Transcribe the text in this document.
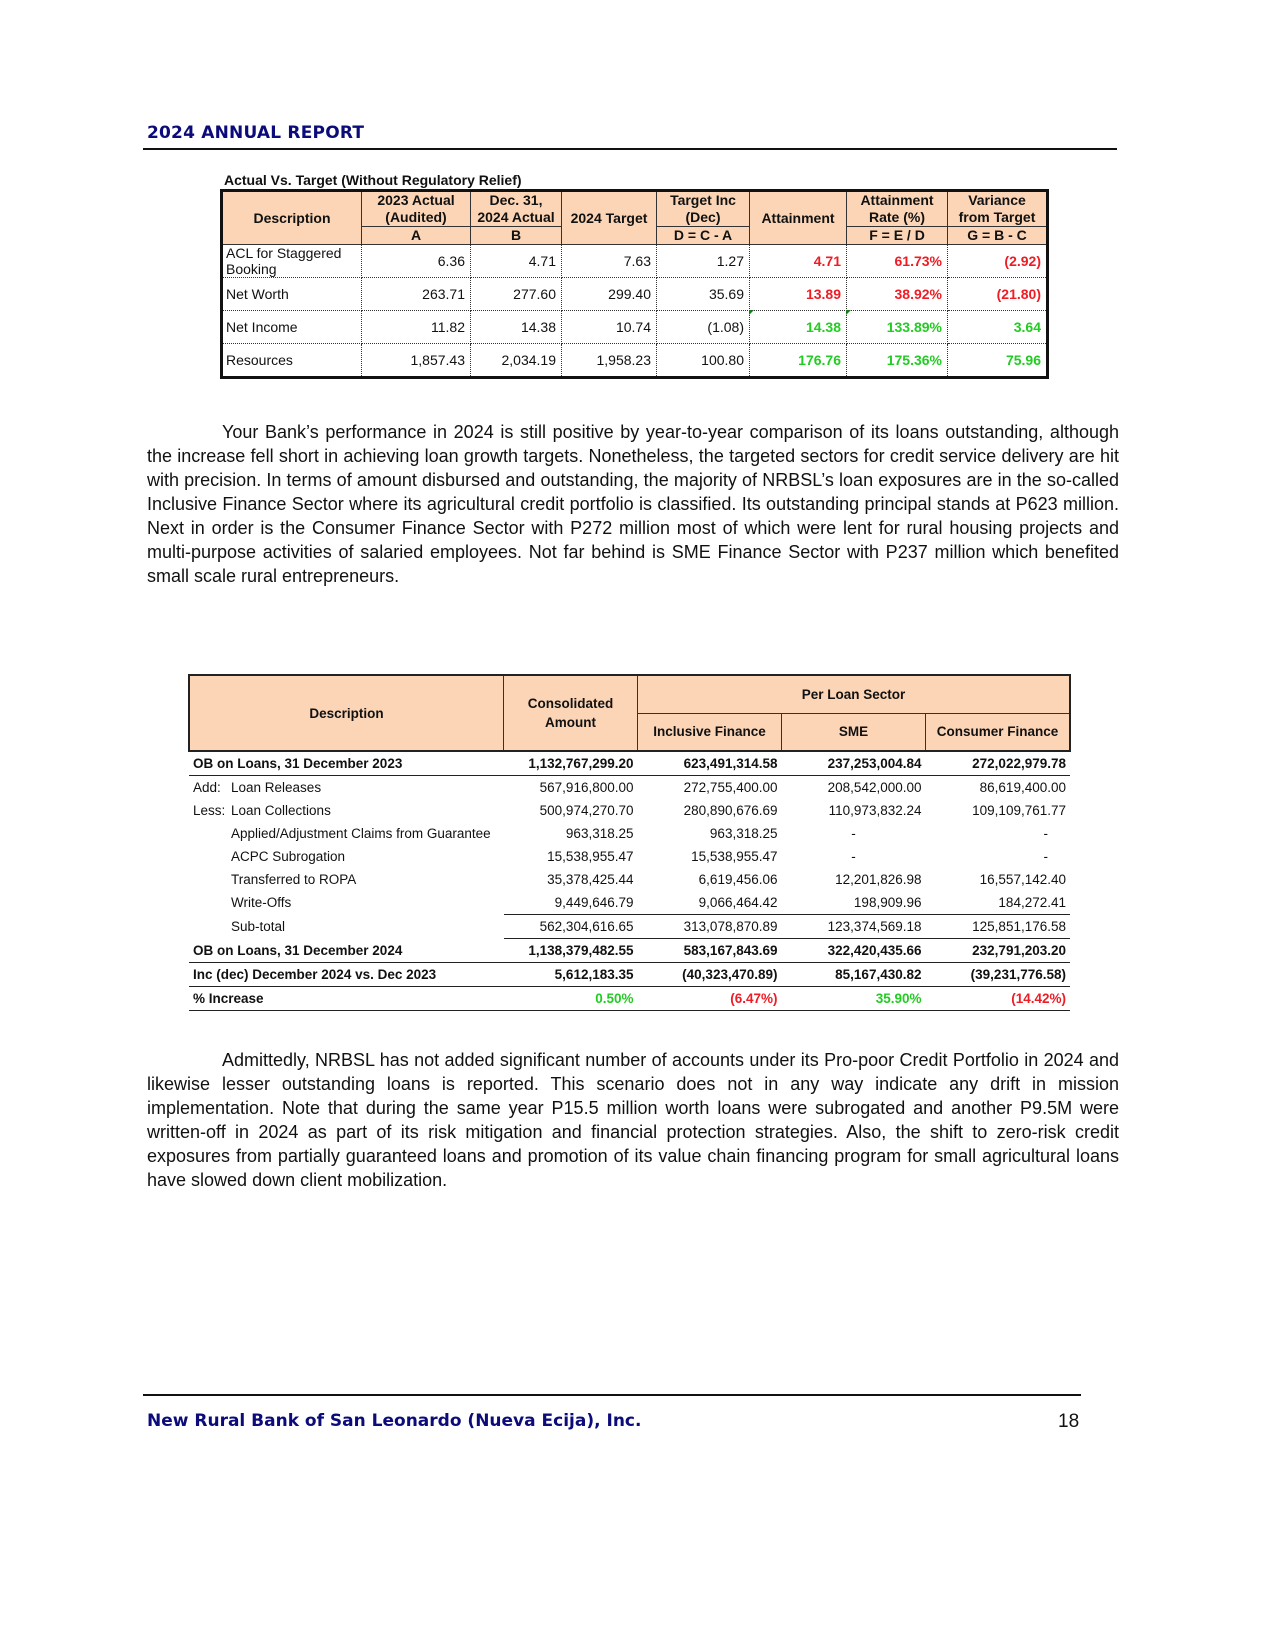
2024 ANNUAL REPORT
Actual Vs. Target (Without Regulatory Relief)
Description	2023 Actual (Audited)	Dec. 31, 2024 Actual	2024 Target	Target Inc (Dec)	Attainment	Attainment Rate (%)	Variance from Target
	A	B		D = C - A		F = E / D	G = B - C
ACL for Staggered Booking	6.36	4.71	7.63	1.27	4.71	61.73%	(2.92)
Net Worth	263.71	277.60	299.40	35.69	13.89	38.92%	(21.80)
Net Income	11.82	14.38	10.74	(1.08)	14.38	133.89%	3.64
Resources	1,857.43	2,034.19	1,958.23	100.80	176.76	175.36%	75.96

Your Bank’s performance in 2024 is still positive by year-to-year comparison of its loans outstanding, although the increase fell short in achieving loan growth targets. Nonetheless, the targeted sectors for credit service delivery are hit with precision. In terms of amount disbursed and outstanding, the majority of NRBSL’s loan exposures are in the so-called Inclusive Finance Sector where its agricultural credit portfolio is classified. Its outstanding principal stands at P623 million. Next in order is the Consumer Finance Sector with P272 million most of which were lent for rural housing projects and multi-purpose activities of salaried employees. Not far behind is SME Finance Sector with P237 million which benefited small scale rural entrepreneurs.

Description	Consolidated Amount	Per Loan Sector		
		Inclusive Finance	SME	Consumer Finance
OB on Loans, 31 December 2023	1,132,767,299.20	623,491,314.58	237,253,004.84	272,022,979.78
Add: Loan Releases	567,916,800.00	272,755,400.00	208,542,000.00	86,619,400.00
Less: Loan Collections	500,974,270.70	280,890,676.69	110,973,832.24	109,109,761.77
Applied/Adjustment Claims from Guarantee	963,318.25	963,318.25	-	-
ACPC Subrogation	15,538,955.47	15,538,955.47	-	-
Transferred to ROPA	35,378,425.44	6,619,456.06	12,201,826.98	16,557,142.40
Write-Offs	9,449,646.79	9,066,464.42	198,909.96	184,272.41
Sub-total	562,304,616.65	313,078,870.89	123,374,569.18	125,851,176.58
OB on Loans, 31 December 2024	1,138,379,482.55	583,167,843.69	322,420,435.66	232,791,203.20
Inc (dec) December 2024 vs. Dec 2023	5,612,183.35	(40,323,470.89)	85,167,430.82	(39,231,776.58)
% Increase	0.50%	(6.47%)	35.90%	(14.42%)

Admittedly, NRBSL has not added significant number of accounts under its Pro-poor Credit Portfolio in 2024 and likewise lesser outstanding loans is reported. This scenario does not in any way indicate any drift in mission implementation. Note that during the same year P15.5 million worth loans were subrogated and another P9.5M were written-off in 2024 as part of its risk mitigation and financial protection strategies. Also, the shift to zero-risk credit exposures from partially guaranteed loans and promotion of its value chain financing program for small agricultural loans have slowed down client mobilization.

New Rural Bank of San Leonardo (Nueva Ecija), Inc.	18
